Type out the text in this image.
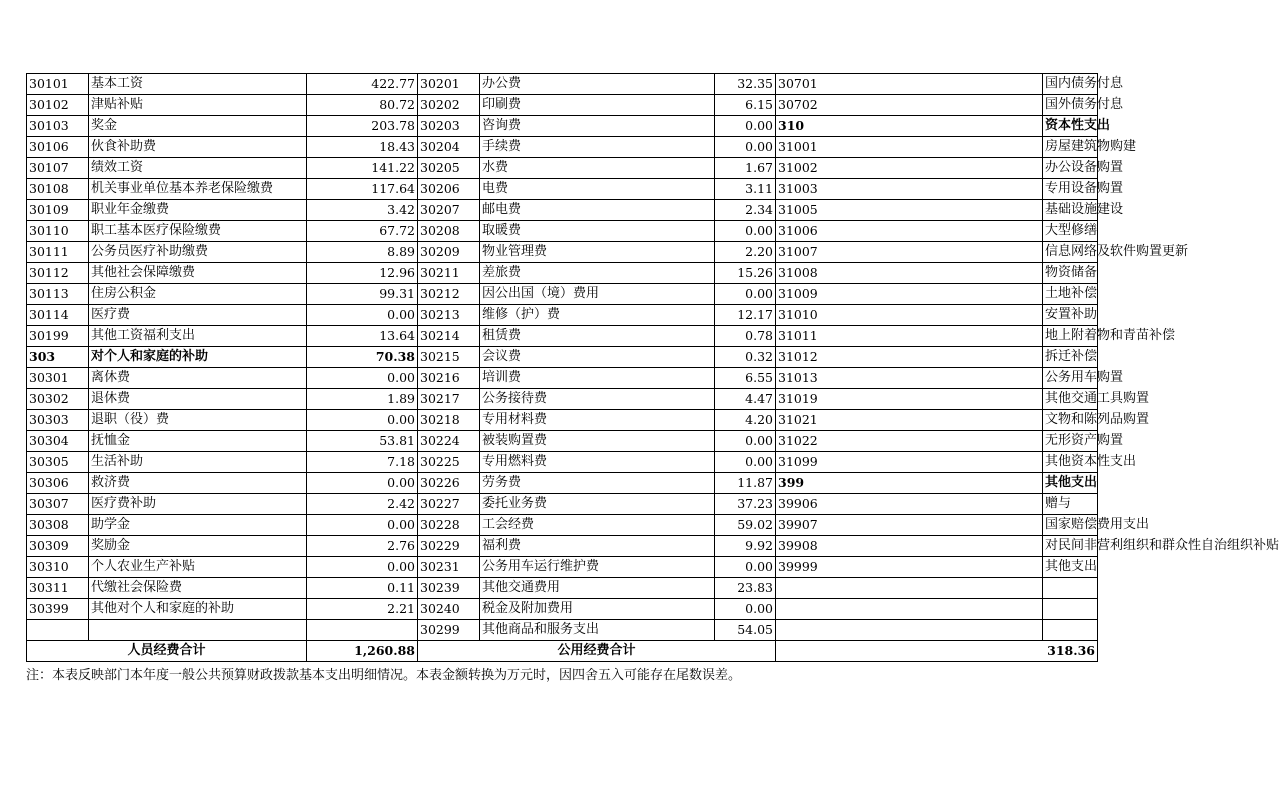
30101	基本工资	422.77	30201	办公费	32.35	30701	国内债务付息	
30102	津贴补贴	80.72	30202	印刷费	6.15	30702	国外债务付息	
30103	奖金	203.78	30203	咨询费	0.00	310	资本性支出	
30106	伙食补助费	18.43	30204	手续费	0.00	31001	房屋建筑物购建	
30107	绩效工资	141.22	30205	水费	1.67	31002	办公设备购置	
30108	机关事业单位基本养老保险缴费	117.64	30206	电费	3.11	31003	专用设备购置	
30109	职业年金缴费	3.42	30207	邮电费	2.34	31005	基础设施建设	
30110	职工基本医疗保险缴费	67.72	30208	取暖费	0.00	31006	大型修缮	
30111	公务员医疗补助缴费	8.89	30209	物业管理费	2.20	31007	信息网络及软件购置更新	
30112	其他社会保障缴费	12.96	30211	差旅费	15.26	31008	物资储备	
30113	住房公积金	99.31	30212	因公出国（境）费用	0.00	31009	土地补偿	
30114	医疗费	0.00	30213	维修（护）费	12.17	31010	安置补助	
30199	其他工资福利支出	13.64	30214	租赁费	0.78	31011	地上附着物和青苗补偿	
303	对个人和家庭的补助	70.38	30215	会议费	0.32	31012	拆迁补偿	
30301	离休费	0.00	30216	培训费	6.55	31013	公务用车购置	
30302	退休费	1.89	30217	公务接待费	4.47	31019	其他交通工具购置	
30303	退职（役）费	0.00	30218	专用材料费	4.20	31021	文物和陈列品购置	
30304	抚恤金	53.81	30224	被装购置费	0.00	31022	无形资产购置	
30305	生活补助	7.18	30225	专用燃料费	0.00	31099	其他资本性支出	
30306	救济费	0.00	30226	劳务费	11.87	399	其他支出	
30307	医疗费补助	2.42	30227	委托业务费	37.23	39906	赠与	
30308	助学金	0.00	30228	工会经费	59.02	39907	国家赔偿费用支出	
30309	奖励金	2.76	30229	福利费	9.92	39908	对民间非营利组织和群众性自治组织补贴	
30310	个人农业生产补贴	0.00	30231	公务用车运行维护费	0.00	39999	其他支出	
30311	代缴社会保险费	0.11	30239	其他交通费用	23.83			
30399	其他对个人和家庭的补助	2.21	30240	税金及附加费用	0.00			
			30299	其他商品和服务支出	54.05			
人员经费合计		1,260.88	公用经费合计			318.36		
注：本表反映部门本年度一般公共预算财政拨款基本支出明细情况。本表金额转换为万元时，因四舍五入可能存在尾数误差。
